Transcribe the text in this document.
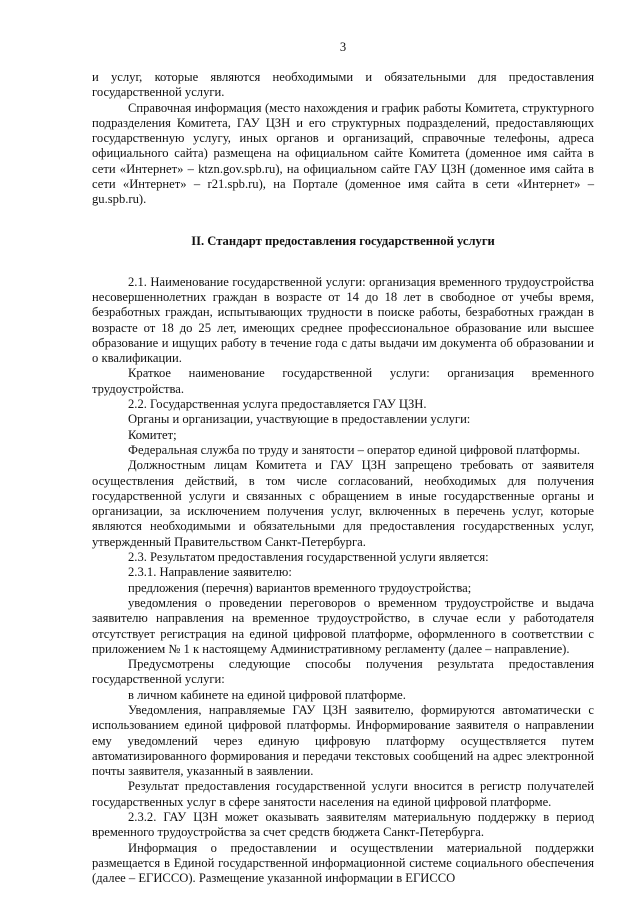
3

и услуг, которые являются необходимыми и обязательными для предоставления государственной услуги.

Справочная информация (место нахождения и график работы Комитета, структурного подразделения Комитета, ГАУ ЦЗН и его структурных подразделений, предоставляющих государственную услугу, иных органов и организаций, справочные телефоны, адреса официального сайта) размещена на официальном сайте Комитета (доменное имя сайта в сети «Интернет» – ktzn.gov.spb.ru), на официальном сайте ГАУ ЦЗН (доменное имя сайта в сети «Интернет» – r21.spb.ru), на Портале (доменное имя сайта в сети «Интернет» – gu.spb.ru).

II. Стандарт предоставления государственной услуги

2.1. Наименование государственной услуги: организация временного трудоустройства несовершеннолетних граждан в возрасте от 14 до 18 лет в свободное от учебы время, безработных граждан, испытывающих трудности в поиске работы, безработных граждан в возрасте от 18 до 25 лет, имеющих среднее профессиональное образование или высшее образование и ищущих работу в течение года с даты выдачи им документа об образовании и о квалификации.

Краткое наименование государственной услуги: организация временного трудоустройства.

2.2. Государственная услуга предоставляется ГАУ ЦЗН.

Органы и организации, участвующие в предоставлении услуги:

Комитет;

Федеральная служба по труду и занятости – оператор единой цифровой платформы.

Должностным лицам Комитета и ГАУ ЦЗН запрещено требовать от заявителя осуществления действий, в том числе согласований, необходимых для получения государственной услуги и связанных с обращением в иные государственные органы и организации, за исключением получения услуг, включенных в перечень услуг, которые являются необходимыми и обязательными для предоставления государственных услуг, утвержденный Правительством Санкт-Петербурга.

2.3. Результатом предоставления государственной услуги является:

2.3.1. Направление заявителю:

предложения (перечня) вариантов временного трудоустройства;

уведомления о проведении переговоров о временном трудоустройстве и выдача заявителю направления на временное трудоустройство, в случае если у работодателя отсутствует регистрация на единой цифровой платформе, оформленного в соответствии с приложением № 1 к настоящему Административному регламенту (далее – направление).

Предусмотрены следующие способы получения результата предоставления государственной услуги:

в личном кабинете на единой цифровой платформе.

Уведомления, направляемые ГАУ ЦЗН заявителю, формируются автоматически с использованием единой цифровой платформы. Информирование заявителя о направлении ему уведомлений через единую цифровую платформу осуществляется путем автоматизированного формирования и передачи текстовых сообщений на адрес электронной почты заявителя, указанный в заявлении.

Результат предоставления государственной услуги вносится в регистр получателей государственных услуг в сфере занятости населения на единой цифровой платформе.

2.3.2. ГАУ ЦЗН может оказывать заявителям материальную поддержку в период временного трудоустройства за счет средств бюджета Санкт-Петербурга.

Информация о предоставлении и осуществлении материальной поддержки размещается в Единой государственной информационной системе социального обеспечения (далее – ЕГИССО). Размещение указанной информации в ЕГИССО
